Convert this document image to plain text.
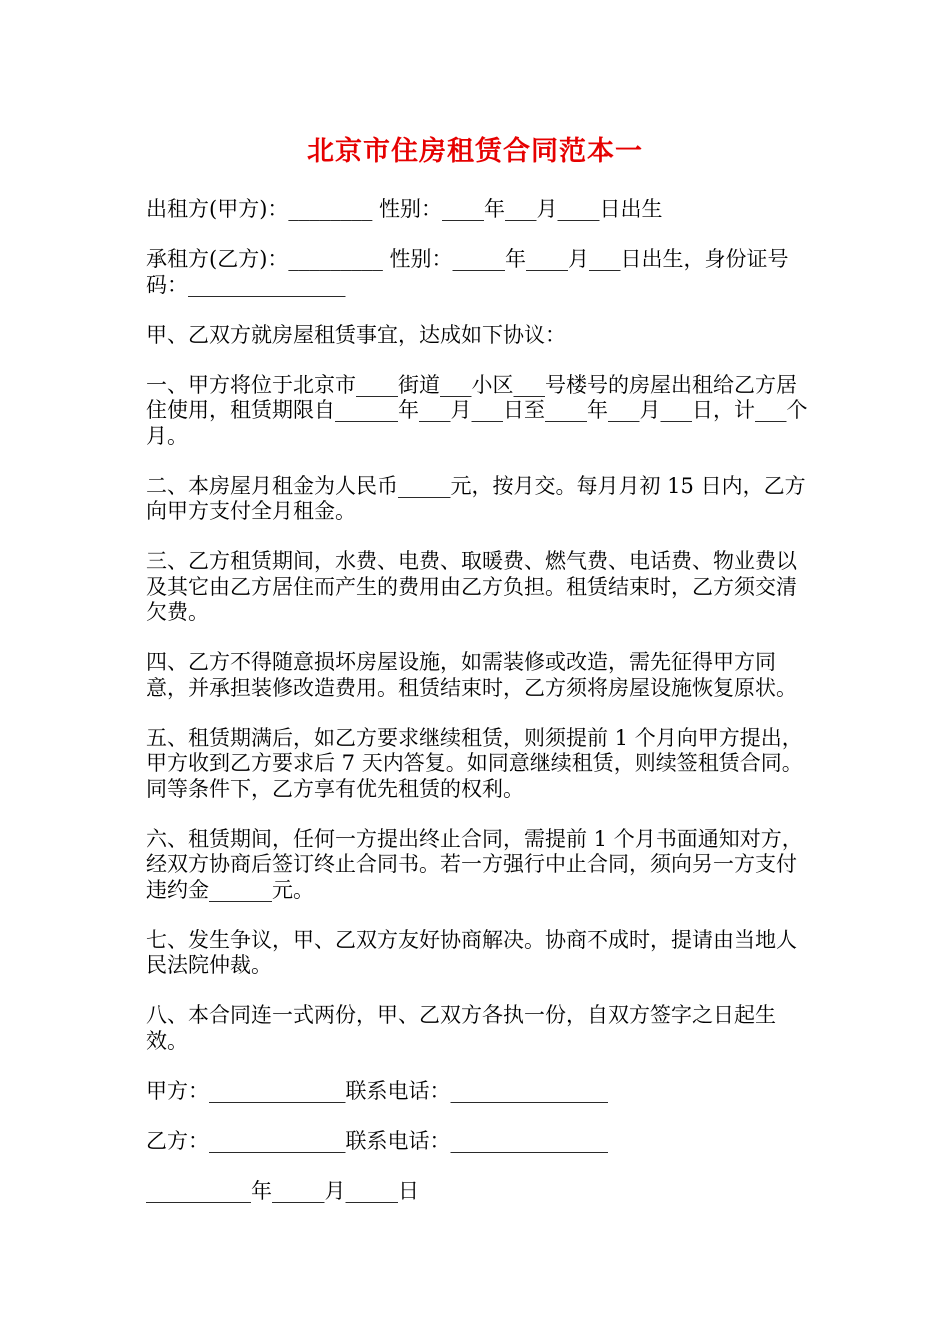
北京市住房租赁合同范本一

出租方(甲方)：________ 性别：____年___月____日出生

承租方(乙方)：_________ 性别：_____年____月___日出生，身份证号码：_______________

甲、乙双方就房屋租赁事宜，达成如下协议：

一、甲方将位于北京市____街道___小区___号楼号的房屋出租给乙方居住使用，租赁期限自______年___月___日至____年___月___日，计___个月。

二、本房屋月租金为人民币_____元，按月交。每月月初 15 日内，乙方向甲方支付全月租金。

三、乙方租赁期间，水费、电费、取暖费、燃气费、电话费、物业费以及其它由乙方居住而产生的费用由乙方负担。租赁结束时，乙方须交清欠费。

四、乙方不得随意损坏房屋设施，如需装修或改造，需先征得甲方同意，并承担装修改造费用。租赁结束时，乙方须将房屋设施恢复原状。

五、租赁期满后，如乙方要求继续租赁，则须提前 1 个月向甲方提出，甲方收到乙方要求后 7 天内答复。如同意继续租赁，则续签租赁合同。同等条件下，乙方享有优先租赁的权利。

六、租赁期间，任何一方提出终止合同，需提前 1 个月书面通知对方，经双方协商后签订终止合同书。若一方强行中止合同，须向另一方支付违约金______元。

七、发生争议，甲、乙双方友好协商解决。协商不成时，提请由当地人民法院仲裁。

八、本合同连一式两份，甲、乙双方各执一份，自双方签字之日起生效。

甲方：_____________联系电话：_______________

乙方：_____________联系电话：_______________

__________年_____月_____日
